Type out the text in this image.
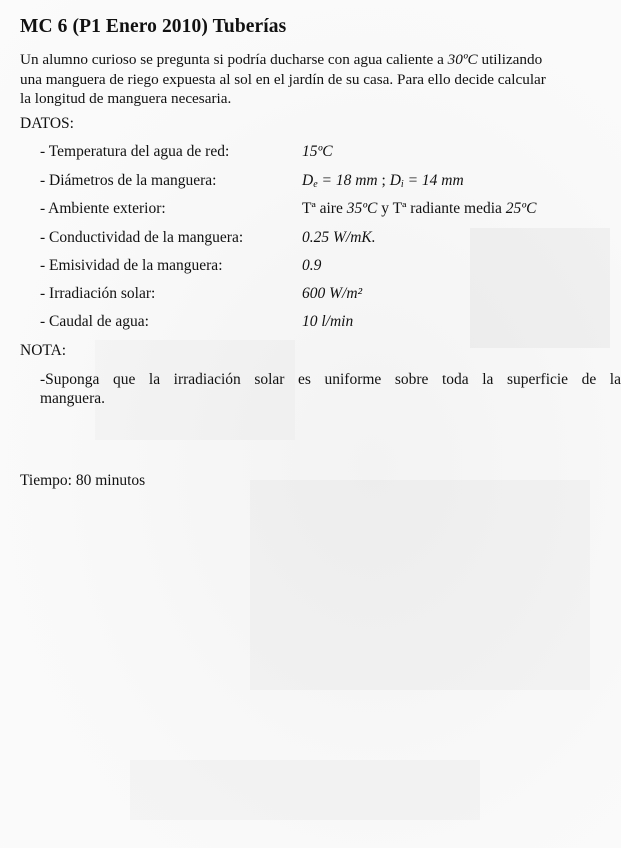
MC 6 (P1 Enero 2010) Tuberías
Un alumno curioso se pregunta si podría ducharse con agua caliente a 30ºC utilizando
una manguera de riego expuesta al sol en el jardín de su casa. Para ello decide calcular
la longitud de manguera necesaria.
DATOS:
- Temperatura del agua de red:	15ºC
- Diámetros de la manguera:	$D_e = 18$ mm ; $D_i = 14$ mm
- Ambiente exterior:	Tª aire 35ºC y Tª radiante media 25ºC
- Conductividad de la manguera:	0.25 W/mK.
- Emisividad de la manguera:	0.9
- Irradiación solar:	600 W/m²
- Caudal de agua:	10 l/min
NOTA:
-Suponga que la irradiación solar es uniforme sobre toda la superficie de la
manguera.
Tiempo: 80 minutos
